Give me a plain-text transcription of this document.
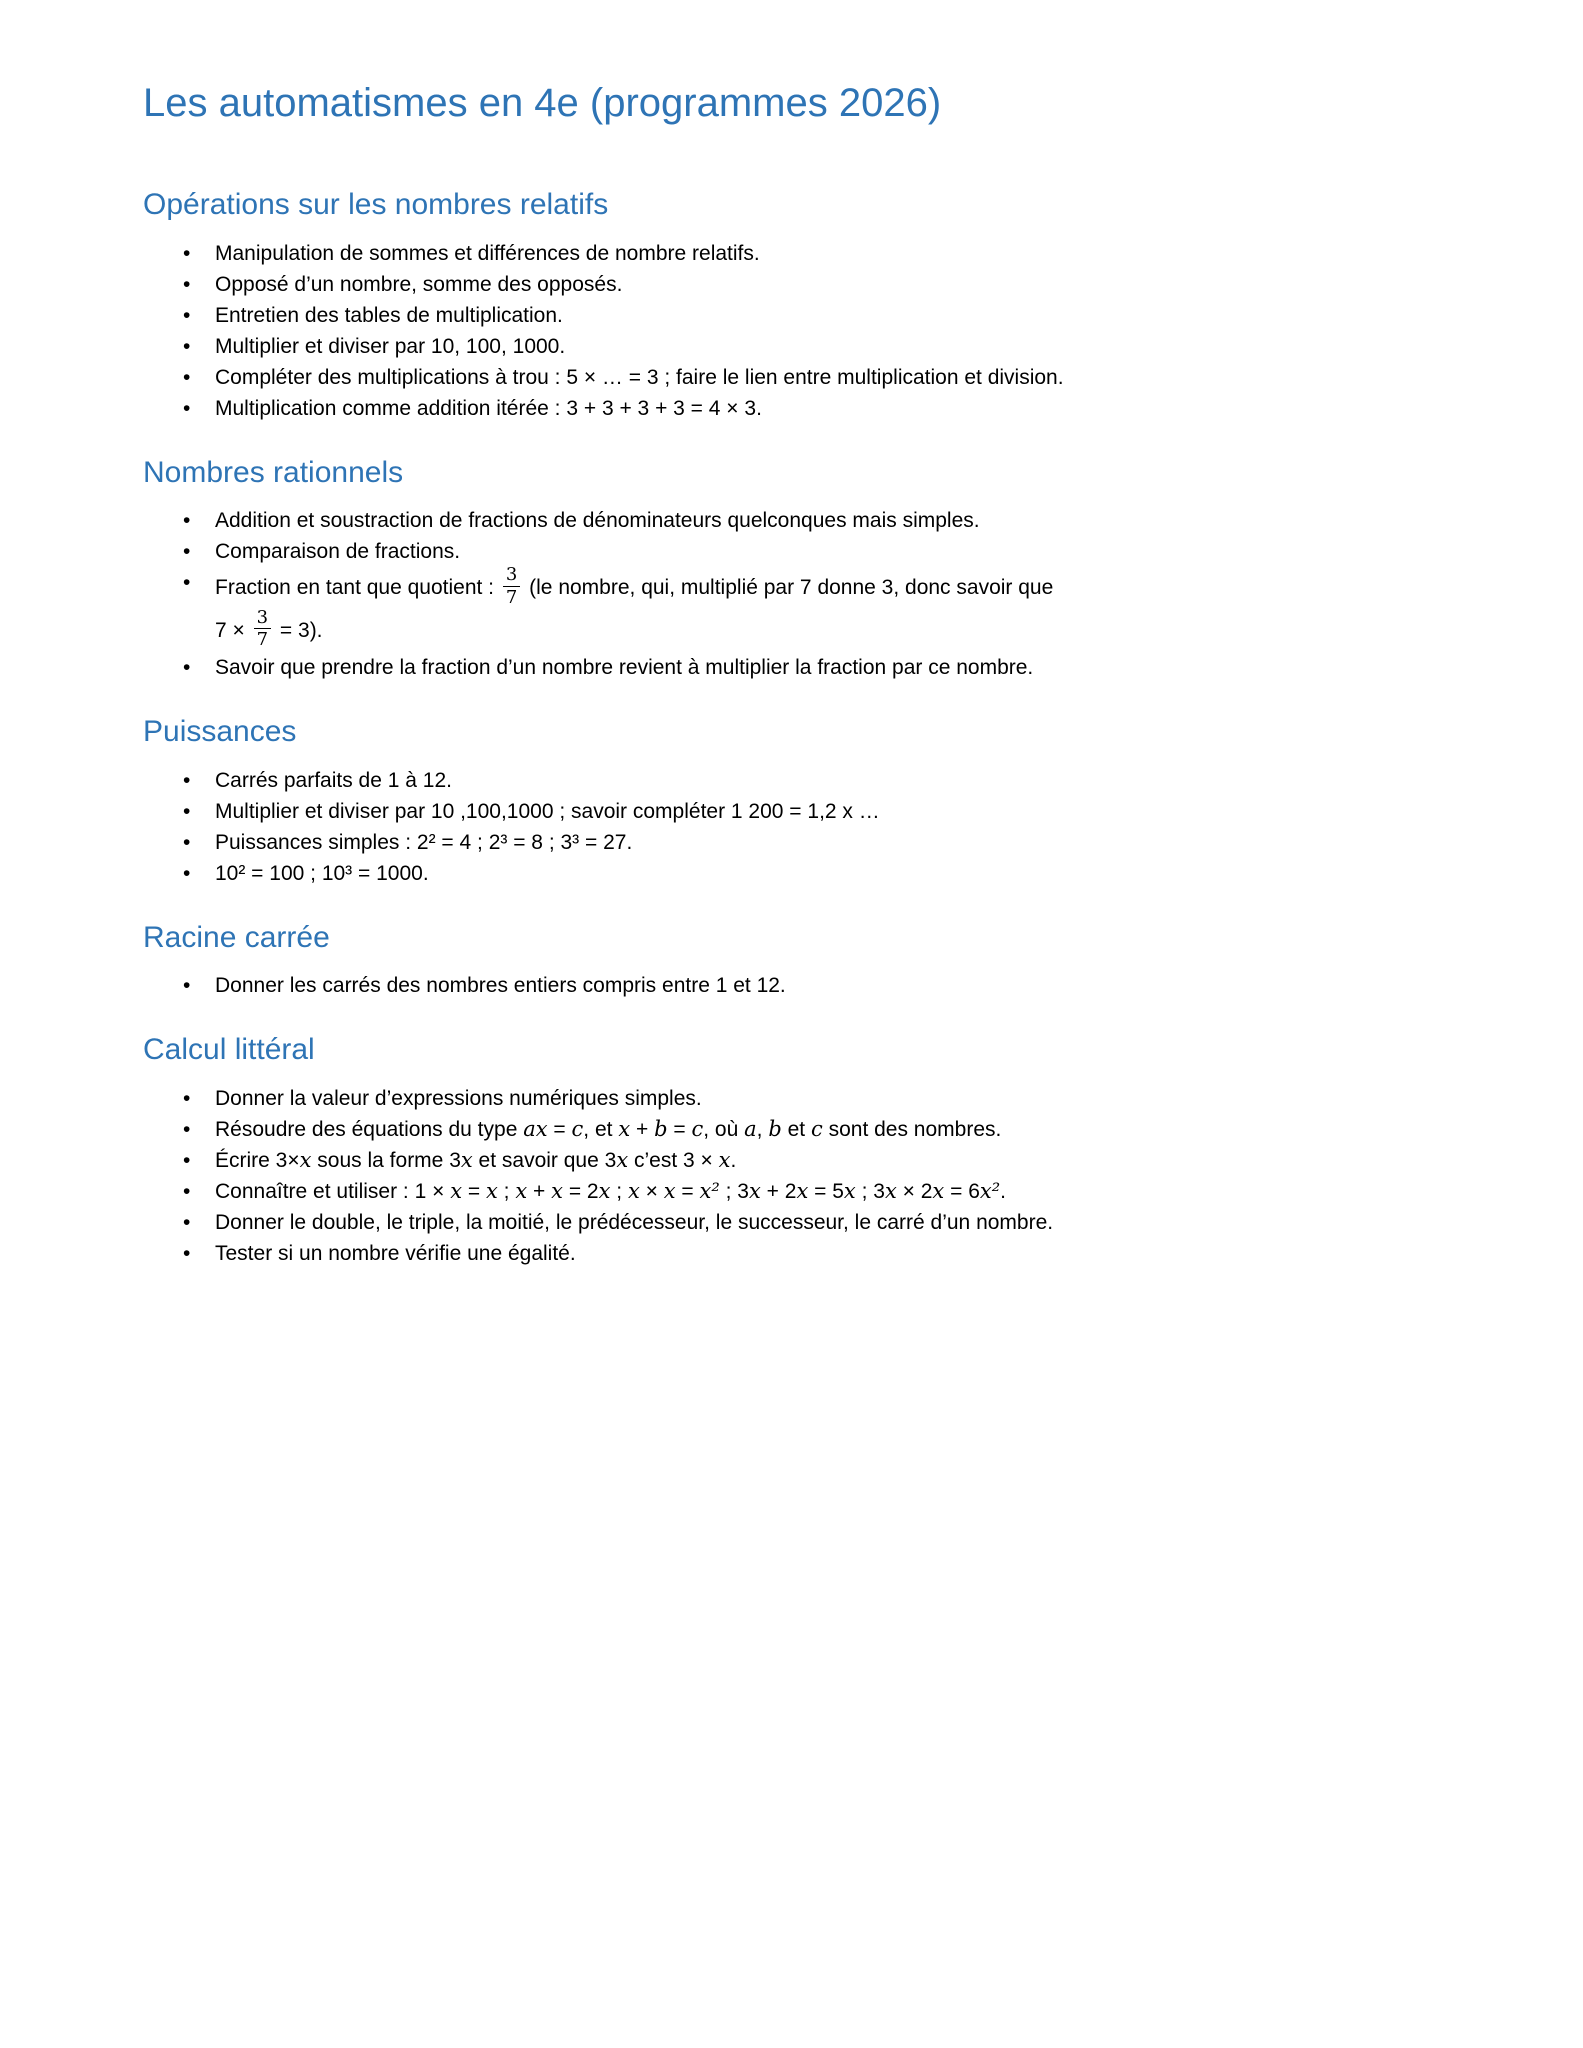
Les automatismes en 4e (programmes 2026)
Opérations sur les nombres relatifs
• Manipulation de sommes et différences de nombre relatifs.
• Opposé d’un nombre, somme des opposés.
• Entretien des tables de multiplication.
• Multiplier et diviser par 10, 100, 1000.
• Compléter des multiplications à trou : 5 × … = 3 ; faire le lien entre multiplication et division.
• Multiplication comme addition itérée : 3 + 3 + 3 + 3 = 4 × 3.
Nombres rationnels
• Addition et soustraction de fractions de dénominateurs quelconques mais simples.
• Comparaison de fractions.
• Fraction en tant que quotient : $\frac{3}{7} (le$ nombre, qui, multiplié par 7 donne 3, donc savoir que
$7 \times \frac{3}{7} = 3$).
• Savoir que prendre la fraction d’un nombre revient à multiplier la fraction par ce nombre.
Puissances
• Carrés parfaits de 1 à 12.
• Multiplier et diviser par 10 ,100,1000 ; savoir compléter 1 200 = 1,2 x …
• Puissances simples : 2² = 4 ; 2³ = 8 ; 3³ = 27.
• 10² = 100 ; 10³ = 1000.
Racine carrée
• Donner les carrés des nombres entiers compris entre 1 et 12.
Calcul littéral
• Donner la valeur d’expressions numériques simples.
• Résoudre des équations du type ax = c, et x + b = c, où a, b et c sont des nombres.
• Écrire 3×x sous la forme 3x et savoir que 3x c’est 3 × x.
• Connaître et utiliser : 1 × x = x ; x + x = 2x ; x × x = x² ; 3x + 2x = 5x ; 3x × 2x = 6x².
• Donner le double, le triple, la moitié, le prédécesseur, le successeur, le carré d’un nombre.
• Tester si un nombre vérifie une égalité.
